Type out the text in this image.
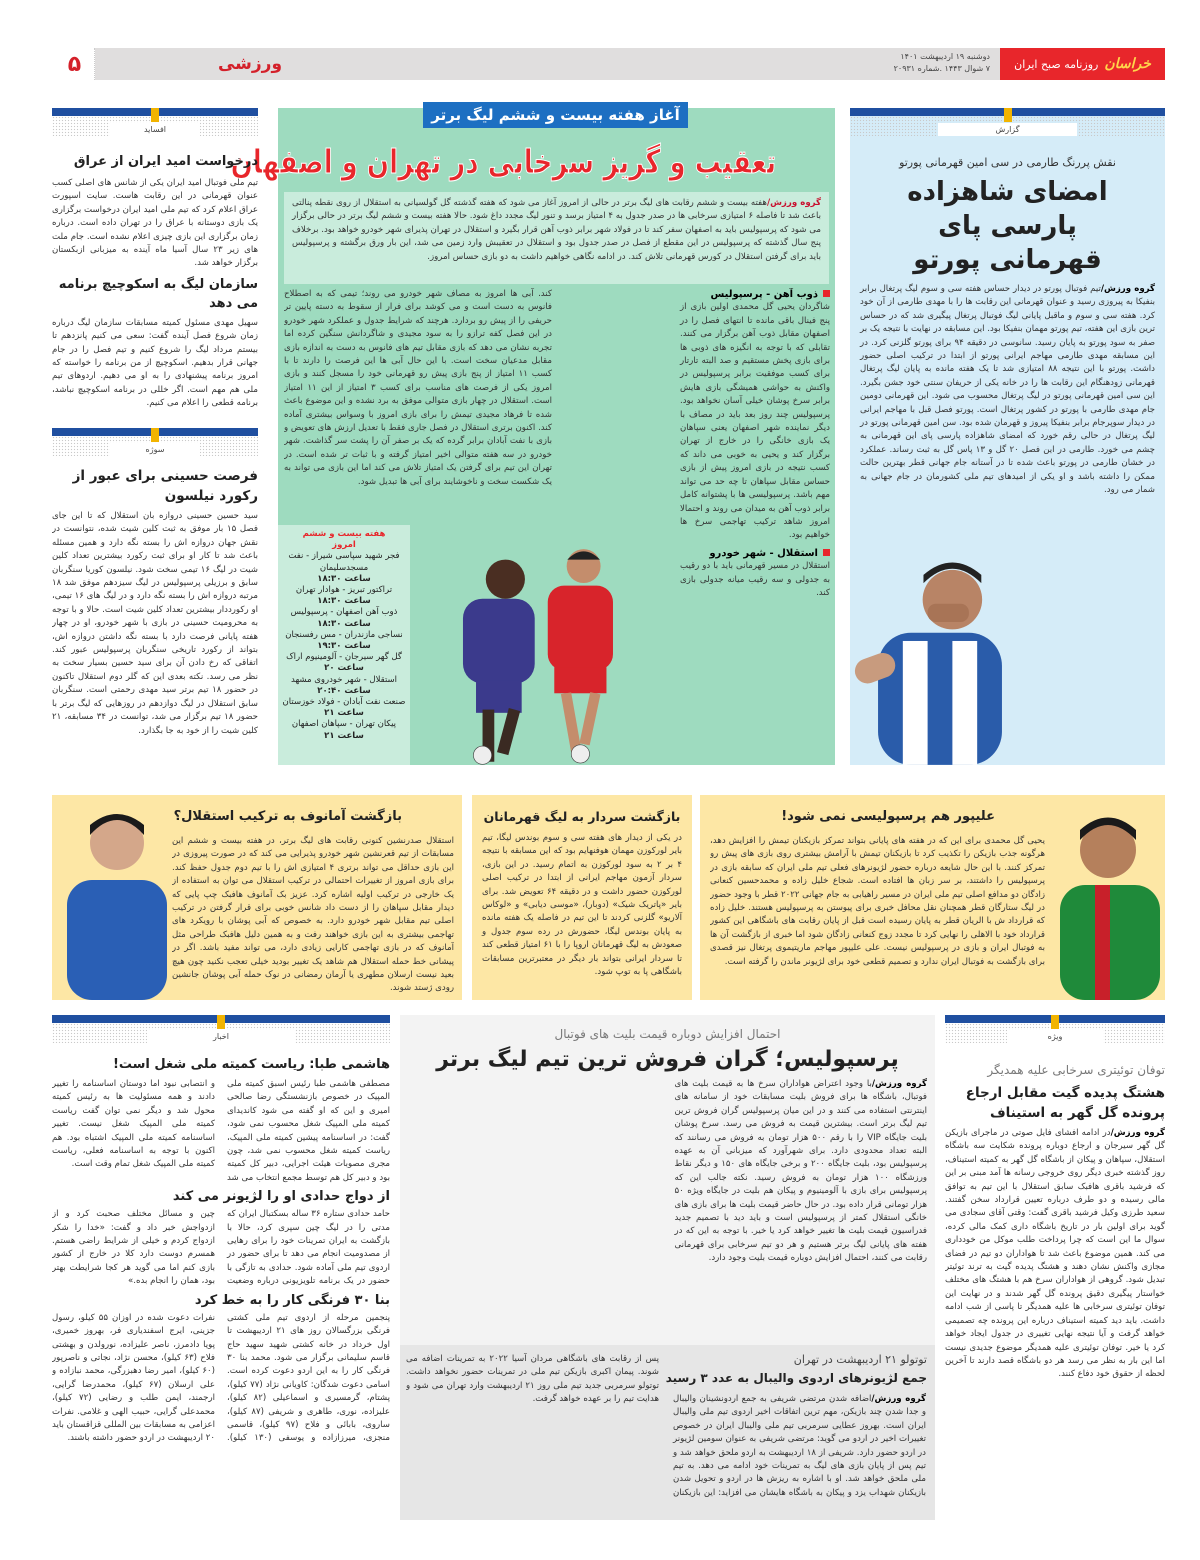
۵	ورزشی	دوشنبه ۱۹ اردیبهشت ۱۴۰۱
۷ شوال ۱۴۴۳ .شماره ۲۰۹۳۱	خراسان
روزنامه صبح ایران
گزارش
نقش پررنگ طارمی در سی امین قهرمانی پورتو
امضای شاهزاده پارسی پای قهرمانی پورتو
گروه ورزش/تیم فوتبال پورتو در دیدار حساس هفته سی و سوم لیگ پرتغال برابر بنفیکا به پیروزی رسید و عنوان قهرمانی این رقابت ها را با مهدی طارمی از آن خود کرد. هفته سی و سوم و ماقبل پایانی لیگ فوتبال پرتغال پیگیری شد که در حساس ترین بازی این هفته، تیم پورتو مهمان بنفیکا بود. این مسابقه در نهایت با نتیجه یک بر صفر به سود پورتو به پایان رسید. سانوسی در دقیقه ۹۴ برای پورتو گلزنی کرد. در این مسابقه مهدی طارمی مهاجم ایرانی پورتو از ابتدا در ترکیب اصلی حضور داشت. پورتو با این نتیجه ۸۸ امتیازی شد تا یک هفته مانده به پایان لیگ پرتغال قهرمانی زودهنگام این رقابت ها را در خانه یکی از حریفان سنتی خود جشن بگیرد. این سی امین قهرمانی پورتو در لیگ پرتغال محسوب می شود. این قهرمانی دومین جام مهدی طارمی با پورتو در کشور پرتغال است. پورتو فصل قبل با مهاجم ایرانی در دیدار سوپرجام برابر بنفیکا پیروز و قهرمان شده بود. سن امین قهرمانی پورتو در لیگ پرتغال در حالی رقم خورد که امضای شاهزاده پارسی پای این قهرمانی به چشم می خورد. طارمی در این فصل ۲۰ گل و ۱۳ پاس گل به ثبت رساند. عملکرد در خشان طارمی در پورتو باعث شده تا در آستانه جام جهانی قطر بهترین حالت ممکن را داشته باشد و او یکی از امیدهای تیم ملی کشورمان در جام جهانی به شمار می رود.
آغاز هفته بیست و ششم لیگ برتر
تعقیب و گریز سرخابی در تهران و اصفهان
گروه ورزش/هفته بیست و ششم رقابت های لیگ برتر در حالی از امروز آغاز می شود که هفته گذشته گل گولسیانی به استقلال از روی نقطه پنالتی باعث شد تا فاصله ۶ امتیازی سرخابی ها در صدر جدول به ۴ امتیاز برسد و تنور لیگ مجدد داغ شود. حالا هفته بیست و ششم لیگ برتر در حالی برگزار می شود که پرسپولیس باید به اصفهان سفر کند تا در فولاد شهر برابر ذوب آهن قرار بگیرد و استقلال در تهران پذیرای شهر خودرو خواهد بود. برخلاف پنج سال گذشته که پرسپولیس در این مقطع از فصل در صدر جدول بود و استقلال در تعقیبش وارد زمین می شد، این بار ورق برگشته و پرسپولیس باید برای گرفتن استقلال در کورس قهرمانی تلاش کند. در ادامه نگاهی خواهیم داشت به دو بازی حساس امروز.
ذوب آهن - پرسپولیس
شاگردان یحیی گل محمدی اولین بازی از پنج فینال باقی مانده تا انتهای فصل را در اصفهان مقابل ذوب آهن برگزار می کنند. تقابلی که با توجه به انگیزه های ذوبی ها برای بازی پخش مستقیم و صد البته تارتار برای کسب موفقیت برابر پرسپولیس در واکنش به حواشی همیشگی بازی هایش برابر سرخ پوشان خیلی آسان نخواهد بود. پرسپولیس چند روز بعد باید در مصاف با دیگر نماینده شهر اصفهان یعنی سپاهان یک بازی خانگی را در خارج از تهران برگزار کند و یحیی به خوبی می داند که کسب نتیجه در بازی امروز پیش از بازی حساس مقابل سپاهان تا چه حد می تواند مهم باشد. پرسپولیسی ها با پشتوانه کامل برابر ذوب آهن به میدان می روند و احتمالا امروز شاهد ترکیب تهاجمی سرخ ها خواهیم بود.
استقلال - شهر خودرو
استقلال در مسیر قهرمانی باید با دو رقیب به جدولی و سه رقیب میانه جدولی بازی کند.
کند. آبی ها امروز به مصاف شهر خودرو می روند؛ تیمی که به اصطلاح فانوس به دست است و می کوشد برای فرار از سقوط به دسته پایین تر حریفی را از پیش رو بردارد. هرچند که شرایط جدول و عملکرد شهر خودرو در این فصل کفه ترازو را به سود مجیدی و شاگردانش سنگین کرده اما تجربه نشان می دهد که بازی مقابل تیم های فانوس به دست به اندازه بازی مقابل مدعیان سخت است. با این حال آبی ها این فرصت را دارند تا با کسب ۱۱ امتیاز از پنج بازی پیش رو قهرمانی خود را مسجل کنند و بازی امروز یکی از فرصت های مناسب برای کسب ۳ امتیاز از این ۱۱ امتیاز است. استقلال در چهار بازی متوالی موفق به برد نشده و این موضوع باعث شده تا فرهاد مجیدی تیمش را برای بازی امروز با وسواس بیشتری آماده کند. اکنون برتری استقلال در فصل جاری فقط با تعدیل ارزش های تعویض و بازی با نفت آبادان برابر گرده که یک بر صفر آن را پشت سر گذاشت. شهر خودرو در سه هفته متوالی اخیر امتیاز گرفته و با ثبات تر شده است. در تهران این تیم برای گرفتن یک امتیاز تلاش می کند اما این بازی می تواند به یک شکست سخت و ناخوشایند برای آبی ها تبدیل شود.
هفته بیست و ششم
امروز
فجر شهید سپاسی شیراز - نفت مسجدسلیمان
ساعت ۱۸:۳۰
تراکتور تبریز - هوادار تهران
ساعت ۱۸:۳۰
ذوب آهن اصفهان - پرسپولیس
ساعت ۱۸:۳۰
نساجی مازندران - مس رفسنجان
ساعت ۱۹:۳۰
گل گهر سیرجان - آلومینیوم اراک
ساعت ۲۰
استقلال - شهر خودروی مشهد
ساعت ۲۰:۴۰
صنعت نفت آبادان - فولاد خوزستان
ساعت ۲۱
پیکان تهران - سپاهان اصفهان
ساعت ۲۱
افساید
درخواست امید ایران از عراق
تیم ملی فوتبال امید ایران یکی از شانس های اصلی کسب عنوان قهرمانی در این رقابت هاست. سایت اسپورت عراق اعلام کرد که تیم ملی امید ایران درخواست برگزاری یک بازی دوستانه با عراق را در تهران داده است. درباره زمان برگزاری این بازی چیزی اعلام نشده است. جام ملت های زیر ۲۳ سال آسیا ماه آینده به میزبانی ازبکستان برگزار خواهد شد.
سازمان لیگ به اسکوچیچ برنامه می دهد
سهیل مهدی مسئول کمیته مسابقات سازمان لیگ درباره زمان شروع فصل آینده گفت: سعی می کنیم پانزدهم تا بیستم مرداد لیگ را شروع کنیم و تیم فصل را در جام جهانی قرار بدهیم. اسکوچیچ از من برنامه را خواسته که امروز برنامه پیشنهادی را به او می دهیم. اردوهای تیم ملی هم مهم است. اگر خللی در برنامه اسکوچیچ نباشد، برنامه قطعی را اعلام می کنیم.
سوژه
فرصت حسینی برای عبور از رکورد نیلسون
سید حسین حسینی دروازه بان استقلال که تا این جای فصل ۱۵ بار موفق به ثبت کلین شیت شده، نتوانست در نقش جهان دروازه اش را بسته نگه دارد و همین مسئله باعث شد تا کار او برای ثبت رکورد بیشترین تعداد کلین شیت در لیگ ۱۶ تیمی سخت شود. نیلسون کوریا سنگربان سابق و برزیلی پرسپولیس در لیگ سیزدهم موفق شد ۱۸ مرتبه دروازه اش را بسته نگه دارد و در لیگ های ۱۶ تیمی، او رکورددار بیشترین تعداد کلین شیت است. حالا و با توجه به محرومیت حسینی در بازی با شهر خودرو، او در چهار هفته پایانی فرصت دارد با بسته نگه داشتن دروازه اش، بتواند از رکورد تاریخی سنگربان پرسپولیس عبور کند. اتفاقی که رخ دادن آن برای سید حسین بسیار سخت به نظر می رسد. نکته بعدی این که گلر دوم استقلال تاکنون در حضور ۱۸ تیم برتر سید مهدی رحمتی است. سنگربان سابق استقلال در لیگ دوازدهم در روزهایی که لیگ برتر با حضور ۱۸ تیم برگزار می شد، توانست در ۳۴ مسابقه، ۲۱ کلین شیت را از خود به جا بگذارد.
علیپور هم پرسپولیسی نمی شود!
یحیی گل محمدی برای این که در هفته های پایانی بتواند تمرکز بازیکنان تیمش را افزایش دهد، هرگونه جذب بازیکن را تکذیب کرد تا بازیکنان تیمش با آرامش بیشتری روی بازی های پیش رو تمرکز کنند. با این حال شایعه درباره حضور لژیونرهای فعلی تیم ملی ایران که سابقه بازی در پرسپولیس را داشتند، بر سر زبان ها افتاده است. شجاع خلیل زاده و محمدحسین کنعانی زادگان دو مدافع اصلی تیم ملی ایران در مسیر راهیابی به جام جهانی ۲۰۲۲ قطر با وجود حضور در لیگ ستارگان قطر همچنان نقل محافل خبری برای پیوستن به پرسپولیس هستند. خلیل زاده که قرارداد ش با الریان قطر به پایان رسیده است قبل از پایان رقابت های باشگاهی این کشور قرارداد خود با الاهلی را نهایی کرد تا مجدد زوج کنعانی زادگان شود اما خبری از بازگشت آن ها به فوتبال ایران و بازی در پرسپولیس نیست. علی علیپور مهاجم ماریتیموی پرتغال نیز قصدی برای بازگشت به فوتبال ایران ندارد و تصمیم قطعی خود برای لژیونر ماندن را گرفته است.
بازگشت سردار به لیگ قهرمانان
در یکی از دیدار های هفته سی و سوم بوندس لیگا، تیم بایر لورکوزن مهمان هوفنهایم بود که این مسابقه با نتیجه ۴ بر ۲ به سود لورکوزن به اتمام رسید. در این بازی، سردار آزمون مهاجم ایرانی از ابتدا در ترکیب اصلی لورکوزن حضور داشت و در دقیقه ۶۴ تعویض شد. برای بایر «پاتریک شیک» (دوبار)، «موسی دیابی» و «لوکاس آلاریو» گلزنی کردند تا این تیم در فاصله یک هفته مانده به پایان بوندس لیگا، حضورش در رده سوم جدول و صعودش به لیگ قهرمانان اروپا را با ۶۱ امتیاز قطعی کند تا سردار ایرانی بتواند بار دیگر در معتبرترین مسابقات باشگاهی پا به توپ شود.
بازگشت آمانوف به ترکیب استقلال؟
استقلال صدرنشین کنونی رقابت های لیگ برتر، در هفته بیست و ششم این مسابقات از تیم قعرنشین شهر خودرو پذیرایی می کند که در صورت پیروزی در این بازی حداقل می تواند برتری ۴ امتیازی اش را با تیم دوم جدول حفظ کند. برای بازی امروز از تغییرات احتمالی در ترکیب استقلال می توان به استفاده از یک خارجی در ترکیب اولیه اشاره کرد. عزیز بک آمانوف هافبک چپ پایی که دیدار مقابل سپاهان را از دست داد شانس خوبی برای قرار گرفتن در ترکیب اصلی تیم مقابل شهر خودرو دارد. به خصوص که آبی پوشان با رویکرد های تهاجمی بیشتری به این بازی خواهند رفت و به همین دلیل هافبک طراحی مثل آمانوف که در بازی تهاجمی کارایی زیادی دارد، می تواند مفید باشد. اگر در پیشانی خط حمله استقلال هم شاهد یک تغییر بودید خیلی تعجب نکنید چون هیچ بعید نیست ارسلان مطهری یا آرمان رمضانی در نوک حمله آبی پوشان جانشین رودی ژستد شوند.
ویژه
توفان توئیتری سرخابی علیه همدیگر
هشتگ پدیده گیت مقابل ارجاع پرونده گل گهر به استیناف
گروه ورزش/در ادامه افشای فایل صوتی در ماجرای بازیکن گل گهر سیرجان و ارجاع دوباره پرونده شکایت سه باشگاه استقلال، سپاهان و پیکان از باشگاه گل گهر به کمیته استیناف، روز گذشته خبری دیگر روی خروجی رسانه ها آمد مبنی بر این که فرشید باقری هافبک سابق استقلال با این تیم به توافق مالی رسیده و دو طرف درباره تعیین قرارداد سخن گفتند. سعید طرزی وکیل فرشید باقری گفت: وقتی آقای سجادی می گوید برای اولین بار در تاریخ باشگاه داری کمک مالی کرده، سوال ما این است که چرا پرداخت طلب موکل من خودداری می کند. همین موضوع باعث شد تا هواداران دو تیم در فضای مجازی واکنش نشان دهند و هشتگ پدیده گیت به ترند توئیتر تبدیل شود. گروهی از هواداران سرخ هم با هشتگ های مختلف خواستار پیگیری دقیق پرونده گل گهر شدند و در نهایت این توفان توئیتری سرخابی ها علیه همدیگر تا پاسی از شب ادامه داشت. باید دید کمیته استیناف درباره این پرونده چه تصمیمی خواهد گرفت و آیا نتیجه نهایی تغییری در جدول ایجاد خواهد کرد یا خیر. توفان توئیتری علیه همدیگر موضوع جدیدی نیست اما این بار به نظر می رسد هر دو باشگاه قصد دارند تا آخرین لحظه از حقوق خود دفاع کنند.
احتمال افزایش دوباره قیمت بلیت های فوتبال
پرسپولیس؛ گران فروش ترین تیم لیگ برتر
گروه ورزش/با وجود اعتراض هواداران سرخ ها به قیمت بلیت های فوتبال، باشگاه ها برای فروش بلیت مسابقات خود از سامانه های اینترنتی استفاده می کنند و در این میان پرسپولیس گران فروش ترین تیم لیگ برتر است. بیشترین قیمت به فروش می رسد. سرخ پوشان بلیت جایگاه VIP را با رقم ۵۰۰ هزار تومان به فروش می رسانند که البته تعداد محدودی دارد. برای شهرآورد که میزبانی آن به عهده پرسپولیس بود، بلیت جایگاه ۲۰۰ و برخی جایگاه های ۱۵۰ و دیگر نقاط ورزشگاه ۱۰۰ هزار تومان به فروش رسید. نکته جالب این که پرسپولیس برای بازی با آلومینیوم و پیکان هم بلیت در جایگاه ویژه ۵۰ هزار تومانی قرار داده بود. در حال حاضر قیمت بلیت ها برای بازی های خانگی استقلال کمتر از پرسپولیس است و باید دید با تصمیم جدید فدراسیون قیمت بلیت ها تغییر خواهد کرد یا خیر. با توجه به این که در هفته های پایانی لیگ برتر هستیم و هر دو تیم سرخابی برای قهرمانی رقابت می کنند، احتمال افزایش دوباره قیمت بلیت وجود دارد.
توتولو ۲۱ اردیبهشت در تهران
جمع لژیونرهای اردوی والیبال به عدد ۳ رسید
گروه ورزش/اضافه شدن مرتضی شریفی به جمع اردونشینان والیبال و جدا شدن چند بازیکن، مهم ترین اتفاقات اخیر اردوی تیم ملی والیبال ایران است. بهروز عطایی سرمربی تیم ملی والیبال ایران در خصوص تغییرات اخیر در اردو می گوید: مرتضی شریفی به عنوان سومین لژیونر در اردو حضور دارد. شریفی از ۱۸ اردیبهشت به اردو ملحق خواهد شد و تیم پس از پایان بازی های لیگ به تمرینات خود ادامه می دهد. به تیم ملی ملحق خواهد شد. او با اشاره به ریزش ها در اردو و تحویل شدن بازیکنان شهداب یزد و پیکان به باشگاه هایشان می افزاید: این بازیکنان پس از رقابت های باشگاهی مردان آسیا ۲۰۲۲ به تمرینات اضافه می شوند. پیمان اکبری بازیکن تیم ملی در تمرینات حضور نخواهد داشت. توتولو سرمربی جدید تیم ملی روز ۲۱ اردیبهشت وارد تهران می شود و هدایت تیم را بر عهده خواهد گرفت.
اخبار
هاشمی طبا: ریاست کمیته ملی شغل است!
مصطفی هاشمی طبا رئیس اسبق کمیته ملی المپیک در خصوص بازنشستگی رضا صالحی امیری و این که او گفته می شود کاندیدای کمیته ملی المپیک شغل محسوب نمی شود، گفت: در اساسنامه پیشین کمیته ملی المپیک، ریاست کمیته شغل محسوب نمی شد، چون مجری مصوبات هیئت اجرایی، دبیر کل کمیته بود و دبیر کل هم توسط مجمع انتخاب می شد و انتصابی نبود اما دوستان اساسنامه را تغییر دادند و همه مسئولیت ها به رئیس کمیته محول شد و دیگر نمی توان گفت ریاست کمیته ملی المپیک شغل نیست. تغییر اساسنامه کمیته ملی المپیک اشتباه بود. هم اکنون با توجه به اساسنامه فعلی، ریاست کمیته ملی المپیک شغل تمام وقت است.
از دواج حدادی او را لژیونر می کند
حامد حدادی ستاره ۳۶ ساله بسکتبال ایران که مدتی را در لیگ چین سپری کرد، حالا با بازگشت به ایران تمرینات خود را برای رهایی از مصدومیت انجام می دهد تا برای حضور در اردوی تیم ملی آماده شود. حدادی به تازگی با حضور در یک برنامه تلویزیونی درباره وضعیت چین و مسائل مختلف صحبت کرد و از ازدواجش خبر داد و گفت: «خدا را شکر ازدواج کردم و خیلی از شرایط راضی هستم. همسرم دوست دارد کلا در خارج از کشور بازی کنم اما می گوید هر کجا شرایطت بهتر بود، همان را انجام بده.»
بنا ۳۰ فرنگی کار را به خط کرد
پنجمین مرحله از اردوی تیم ملی کشتی فرنگی بزرگسالان روز های ۲۱ اردیبهشت تا اول خرداد در خانه کشتی شهید سهید حاج قاسم سلیمانی برگزار می شود. محمد بنا ۳۰ فرنگی کار را به این اردو دعوت کرده است. اسامی دعوت شدگان: کاویانی نژاد (۷۷ کیلو)، پشتام، گرمسیری و اسماعیلی (۸۲ کیلو)، علیزاده، نوری، طاهری و شریفی (۸۷ کیلو)، ساروی، بابائی و فلاح (۹۷ کیلو)، قاسمی منجزی، میرزازاده و یوسفی (۱۳۰ کیلو). نفرات دعوت شده در اوزان ۵۵ کیلو، رسول جزینی، ایرج اسفندیاری فر، بهروز خمیری، پویا دادمرز، ناصر علیزاده، نورولدن و بهشتی فلاح (۶۳ کیلو)، محسن نژاد، نجاتی و ناصرپور (۶۰ کیلو)، امیر رضا دهبزرگی، محمد نبازاده و علی ارسلان (۶۷ کیلو)، محمدرضا گرایی، ارجمند، ایمن طلب و رضایی (۷۲ کیلو)، محمدعلی گرایی، حبیب الهی و غلامی. نفرات اعزامی به مسابقات بین المللی قزاقستان باید ۲۰ اردیبهشت در اردو حضور داشته باشند.
